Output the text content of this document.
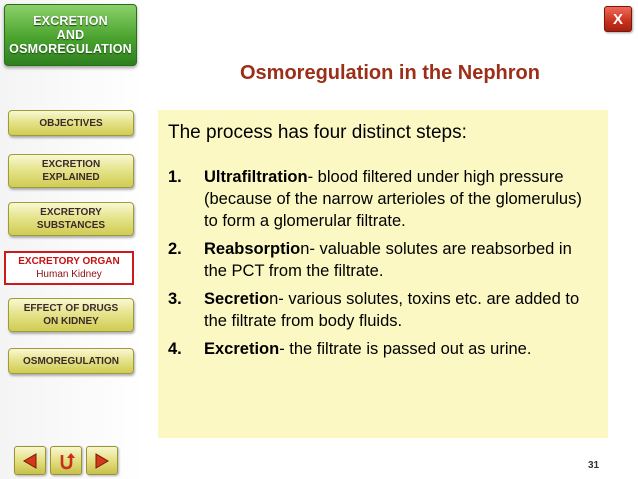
EXCRETION
AND
OSMOREGULATION
OBJECTIVES
EXCRETION
EXPLAINED
EXCRETORY
SUBSTANCES
EXCRETORY ORGAN
Human Kidney
EFFECT OF DRUGS
ON KIDNEY
OSMOREGULATION
X
Osmoregulation in the Nephron

The process has four distinct steps:

1.	Ultrafiltration- blood filtered under high pressure (because of the narrow arterioles of the glomerulus) to form a glomerular filtrate.
2.	Reabsorption- valuable solutes are reabsorbed in the PCT from the filtrate.
3.	Secretion- various solutes, toxins etc. are added to the filtrate from body fluids.
4.	Excretion- the filtrate is passed out as urine.
31
